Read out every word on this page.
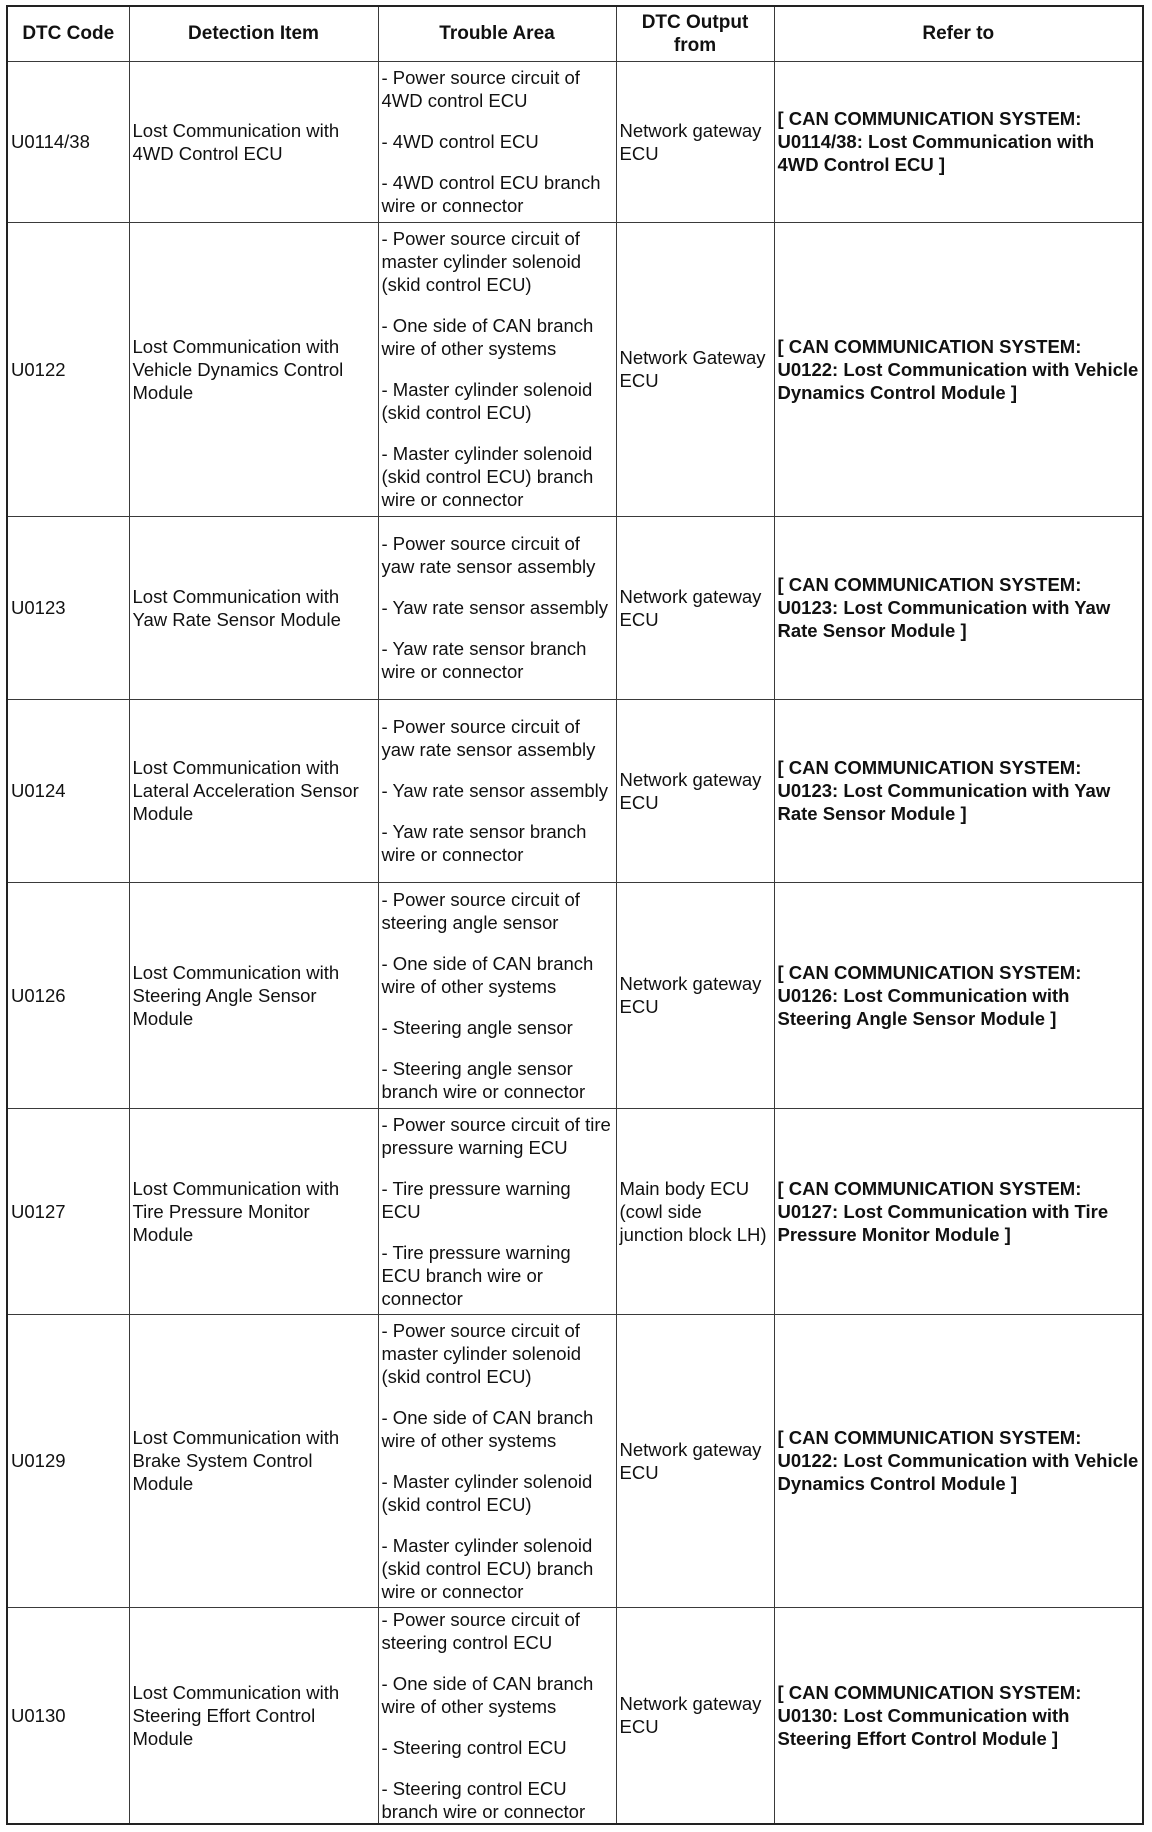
DTC Code	Detection Item	Trouble Area	DTC Output from	Refer to
U0114/38	Lost Communication with 4WD Control ECU	- Power source circuit of 4WD control ECU

- 4WD control ECU

- 4WD control ECU branch wire or connector	Network gateway ECU	[ CAN COMMUNICATION SYSTEM: U0114/38: Lost Communication with 4WD Control ECU ]
U0122	Lost Communication with Vehicle Dynamics Control Module	- Power source circuit of master cylinder solenoid (skid control ECU)

- One side of CAN branch wire of other systems

- Master cylinder solenoid (skid control ECU)

- Master cylinder solenoid (skid control ECU) branch wire or connector	Network Gateway ECU	[ CAN COMMUNICATION SYSTEM: U0122: Lost Communication with Vehicle Dynamics Control Module ]
U0123	Lost Communication with Yaw Rate Sensor Module	- Power source circuit of yaw rate sensor assembly

- Yaw rate sensor assembly

- Yaw rate sensor branch wire or connector	Network gateway ECU	[ CAN COMMUNICATION SYSTEM: U0123: Lost Communication with Yaw Rate Sensor Module ]
U0124	Lost Communication with Lateral Acceleration Sensor Module	- Power source circuit of yaw rate sensor assembly

- Yaw rate sensor assembly

- Yaw rate sensor branch wire or connector	Network gateway ECU	[ CAN COMMUNICATION SYSTEM: U0123: Lost Communication with Yaw Rate Sensor Module ]
U0126	Lost Communication with Steering Angle Sensor Module	- Power source circuit of steering angle sensor

- One side of CAN branch wire of other systems

- Steering angle sensor

- Steering angle sensor branch wire or connector	Network gateway ECU	[ CAN COMMUNICATION SYSTEM: U0126: Lost Communication with Steering Angle Sensor Module ]
U0127	Lost Communication with Tire Pressure Monitor Module	- Power source circuit of tire pressure warning ECU

- Tire pressure warning ECU

- Tire pressure warning ECU branch wire or connector	Main body ECU (cowl side junction block LH)	[ CAN COMMUNICATION SYSTEM: U0127: Lost Communication with Tire Pressure Monitor Module ]
U0129	Lost Communication with Brake System Control Module	- Power source circuit of master cylinder solenoid (skid control ECU)

- One side of CAN branch wire of other systems

- Master cylinder solenoid (skid control ECU)

- Master cylinder solenoid (skid control ECU) branch wire or connector	Network gateway ECU	[ CAN COMMUNICATION SYSTEM: U0122: Lost Communication with Vehicle Dynamics Control Module ]
U0130	Lost Communication with Steering Effort Control Module	- Power source circuit of steering control ECU

- One side of CAN branch wire of other systems

- Steering control ECU

- Steering control ECU branch wire or connector	Network gateway ECU	[ CAN COMMUNICATION SYSTEM: U0130: Lost Communication with Steering Effort Control Module ]
